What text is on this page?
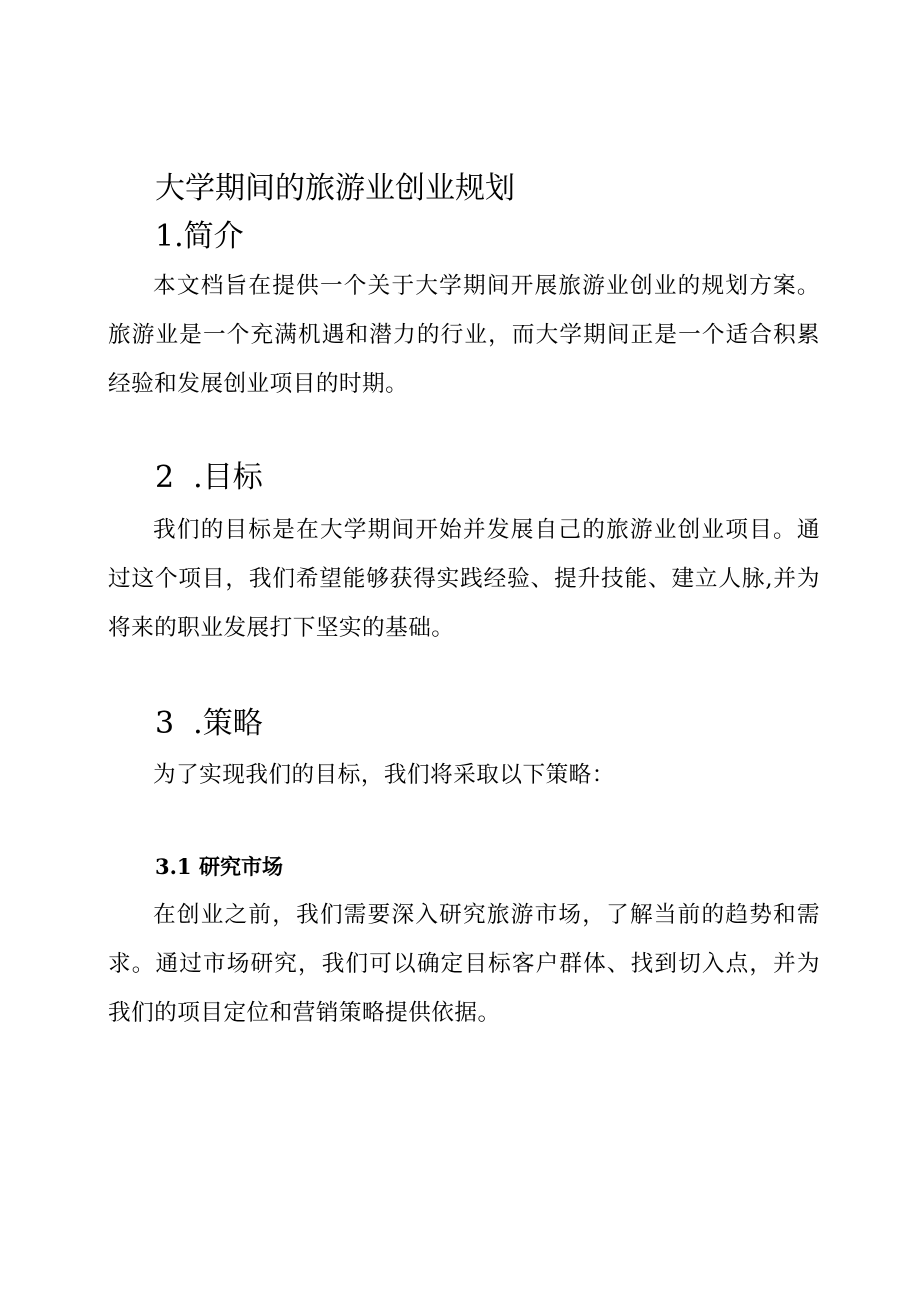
大学期间的旅游业创业规划
1.简介

本文档旨在提供一个关于大学期间开展旅游业创业的规划方案。旅游业是一个充满机遇和潜力的行业，而大学期间正是一个适合积累经验和发展创业项目的时期。

2  .目标

我们的目标是在大学期间开始并发展自己的旅游业创业项目。通过这个项目，我们希望能够获得实践经验、提升技能、建立人脉,并为将来的职业发展打下坚实的基础。

3  .策略

为了实现我们的目标，我们将采取以下策略：

3.1 研究市场

在创业之前，我们需要深入研究旅游市场，了解当前的趋势和需求。通过市场研究，我们可以确定目标客户群体、找到切入点，并为我们的项目定位和营销策略提供依据。
